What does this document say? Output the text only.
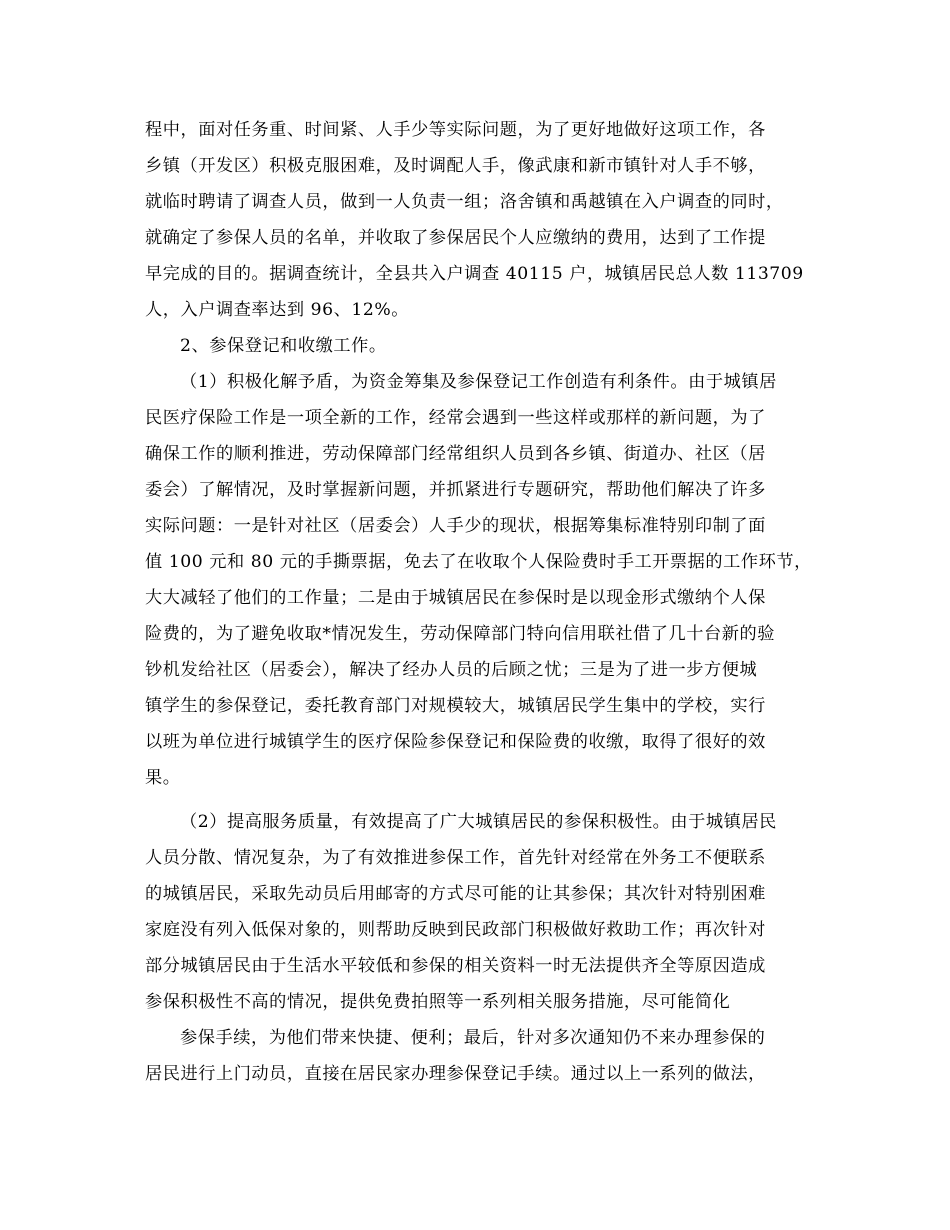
程中，面对任务重、时间紧、人手少等实际问题，为了更好地做好这项工作，各
乡镇（开发区）积极克服困难，及时调配人手，像武康和新市镇针对人手不够，
就临时聘请了调查人员，做到一人负责一组；洛舍镇和禹越镇在入户调查的同时，
就确定了参保人员的名单，并收取了参保居民个人应缴纳的费用，达到了工作提
早完成的目的。据调查统计，全县共入户调查 40115 户，城镇居民总人数 113709
人，入户调查率达到 96、12%。
2、参保登记和收缴工作。
（1）积极化解予盾，为资金筹集及参保登记工作创造有利条件。由于城镇居
民医疗保险工作是一项全新的工作，经常会遇到一些这样或那样的新问题，为了
确保工作的顺利推进，劳动保障部门经常组织人员到各乡镇、街道办、社区（居
委会）了解情况，及时掌握新问题，并抓紧进行专题研究，帮助他们解决了许多
实际问题：一是针对社区（居委会）人手少的现状，根据筹集标准特别印制了面
值 100 元和 80 元的手撕票据，免去了在收取个人保险费时手工开票据的工作环节，
大大减轻了他们的工作量；二是由于城镇居民在参保时是以现金形式缴纳个人保
险费的，为了避免收取*情况发生，劳动保障部门特向信用联社借了几十台新的验
钞机发给社区（居委会），解决了经办人员的后顾之忧；三是为了进一步方便城
镇学生的参保登记，委托教育部门对规模较大，城镇居民学生集中的学校，实行
以班为单位进行城镇学生的医疗保险参保登记和保险费的收缴，取得了很好的效
果。
（2）提高服务质量，有效提高了广大城镇居民的参保积极性。由于城镇居民
人员分散、情况复杂，为了有效推进参保工作，首先针对经常在外务工不便联系
的城镇居民，采取先动员后用邮寄的方式尽可能的让其参保；其次针对特别困难
家庭没有列入低保对象的，则帮助反映到民政部门积极做好救助工作；再次针对
部分城镇居民由于生活水平较低和参保的相关资料一时无法提供齐全等原因造成
参保积极性不高的情况，提供免费拍照等一系列相关服务措施，尽可能简化
参保手续，为他们带来快捷、便利；最后，针对多次通知仍不来办理参保的
居民进行上门动员，直接在居民家办理参保登记手续。通过以上一系列的做法，
